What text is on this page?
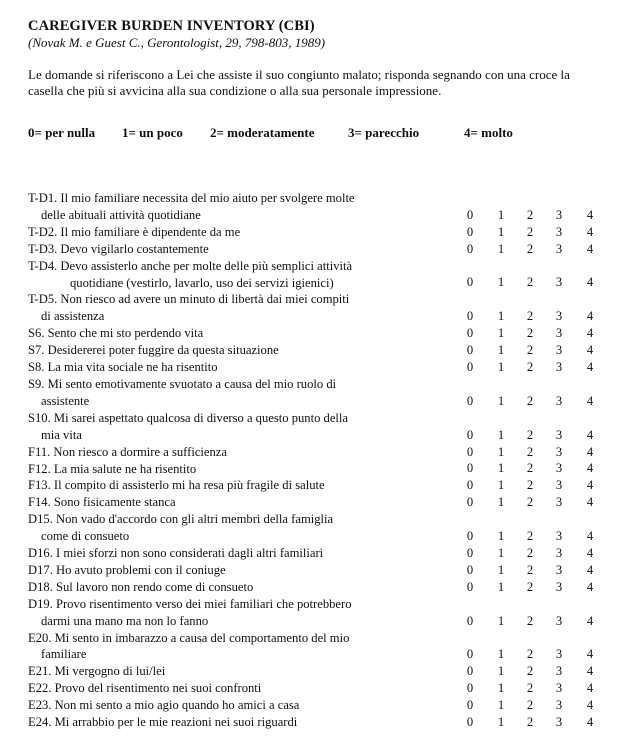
CAREGIVER BURDEN INVENTORY (CBI)
(Novak M. e Guest C., Gerontologist, 29, 798-803, 1989)
Le domande si riferiscono a Lei che assiste il suo congiunto malato; risponda segnando con una croce la casella che più si avvicina alla sua condizione o alla sua personale impressione.
0= per nulla 1= un poco 2= moderatamente	3= parecchio	4= molto
T-D1. Il mio familiare necessita del mio aiuto per svolgere molte
delle abituali attività quotidiane	0 1 2 3 4
T-D2. Il mio familiare è dipendente da me	0 1 2 3 4
T-D3. Devo vigilarlo costantemente	0 1 2 3 4
T-D4. Devo assisterlo anche per molte delle più semplici attività
quotidiane (vestirlo, lavarlo, uso dei servizi igienici)	0 1 2 3 4
T-D5. Non riesco ad avere un minuto di libertà dai miei compiti
di assistenza	0 1 2 3 4
S6. Sento che mi sto perdendo vita	0 1 2 3 4
S7. Desidererei poter fuggire da questa situazione	0 1 2 3 4
S8. La mia vita sociale ne ha risentito	0 1 2 3 4
S9. Mi sento emotivamente svuotato a causa del mio ruolo di
assistente	0 1 2 3 4
S10. Mi sarei aspettato qualcosa di diverso a questo punto della
mia vita	0 1 2 3 4
F11. Non riesco a dormire a sufficienza	0 1 2 3 4
F12. La mia salute ne ha risentito	0 1 2 3 4
F13. Il compito di assisterlo mi ha resa più fragile di salute	0 1 2 3 4
F14. Sono fisicamente stanca	0 1 2 3 4
D15. Non vado d'accordo con gli altri membri della famiglia
come di consueto	0 1 2 3 4
D16. I miei sforzi non sono considerati dagli altri familiari	0 1 2 3 4
D17. Ho avuto problemi con il coniuge	0 1 2 3 4
D18. Sul lavoro non rendo come di consueto	0 1 2 3 4
D19. Provo risentimento verso dei miei familiari che potrebbero
darmi una mano ma non lo fanno	0 1 2 3 4
E20. Mi sento in imbarazzo a causa del comportamento del mio
familiare	0 1 2 3 4
E21. Mi vergogno di lui/lei	0 1 2 3 4
E22. Provo del risentimento nei suoi confronti	0 1 2 3 4
E23. Non mi sento a mio agio quando ho amici a casa	0 1 2 3 4
E24. Mi arrabbio per le mie reazioni nei suoi riguardi	0 1 2 3 4
